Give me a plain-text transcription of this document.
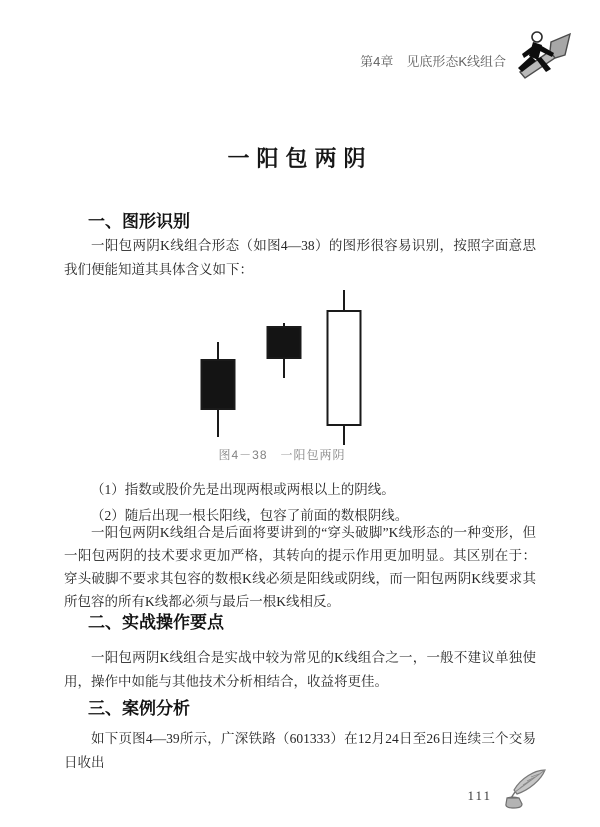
第4章 见底形态K线组合
一阳包两阴
一、图形识别
一阳包两阴K线组合形态（如图4—38）的图形很容易识别，按照字面意思我们便能知道其具体含义如下：
图4－38　一阳包两阴
（1）指数或股价先是出现两根或两根以上的阴线。
（2）随后出现一根长阳线，包容了前面的数根阴线。
一阳包两阴K线组合是后面将要讲到的“穿头破脚”K线形态的一种变形，但一阳包两阴的技术要求更加严格，其转向的提示作用更加明显。其区别在于：穿头破脚不要求其包容的数根K线必须是阳线或阴线，而一阳包两阴K线要求其所包容的所有K线都必须与最后一根K线相反。
二、实战操作要点
一阳包两阴K线组合是实战中较为常见的K线组合之一，一般不建议单独使用，操作中如能与其他技术分析相结合，收益将更佳。
三、案例分析
如下页图4—39所示，广深铁路（601333）在12月24日至26日连续三个交易日收出
111
